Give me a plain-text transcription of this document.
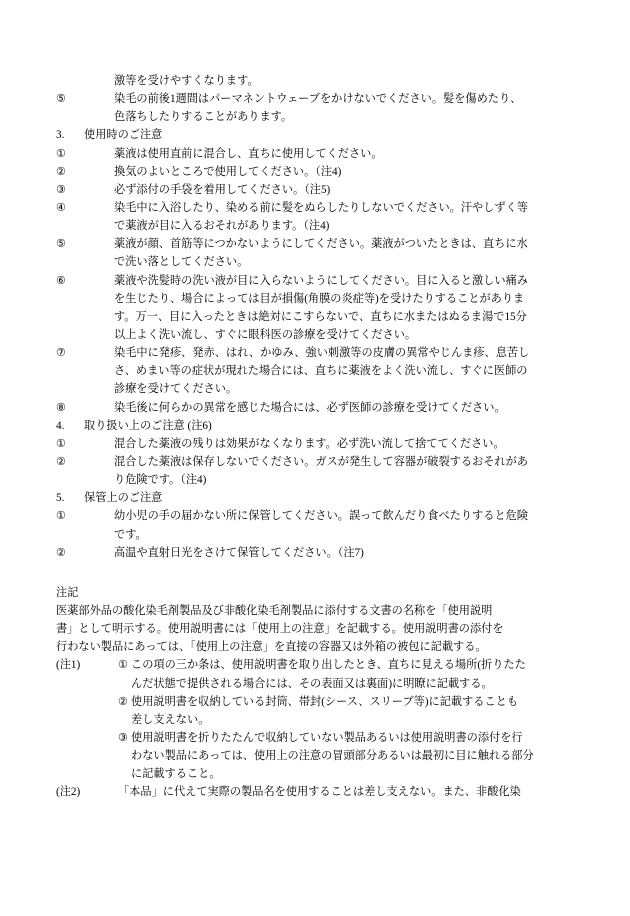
激等を受けやすくなります。
⑤	染毛の前後1週間はパーマネントウェーブをかけないでください。髪を傷めたり、
色落ちしたりすることがあります。
3.	使用時のご注意
①	薬液は使用直前に混合し、直ちに使用してください。
②	換気のよいところで使用してください。（注4)
③	必ず添付の手袋を着用してください。（注5)
④	染毛中に入浴したり、染める前に髪をぬらしたりしないでください。汗やしずく等
で薬液が目に入るおそれがあります。（注4)
⑤	薬液が顔、首筋等につかないようにしてください。薬液がついたときは、直ちに水
で洗い落としてください。
⑥	薬液や洗髪時の洗い液が目に入らないようにしてください。目に入ると激しい痛み
を生じたり、場合によっては目が損傷(角膜の炎症等)を受けたりすることがありま
す。万一、目に入ったときは絶対にこすらないで、直ちに水またはぬるま湯で15分
以上よく洗い流し、すぐに眼科医の診療を受けてください。
⑦	染毛中に発疹、発赤、はれ、かゆみ、強い刺激等の皮膚の異常やじんま疹、息苦し
さ、めまい等の症状が現れた場合には、直ちに薬液をよく洗い流し、すぐに医師の
診療を受けてください。
⑧	染毛後に何らかの異常を感じた場合には、必ず医師の診療を受けてください。
4.	取り扱い上のご注意 (注6)
①	混合した薬液の残りは効果がなくなります。必ず洗い流して捨ててください。
②	混合した薬液は保存しないでください。ガスが発生して容器が破裂するおそれがあ
り危険です。（注4)
5.	保管上のご注意
①	幼小児の手の届かない所に保管してください。誤って飲んだり食べたりすると危険
です。
②	高温や直射日光をさけて保管してください。（注7)
注記
医薬部外品の酸化染毛剤製品及び非酸化染毛剤製品に添付する文書の名称を「使用説明
書」として明示する。使用説明書には「使用上の注意」を記載する。使用説明書の添付を
行わない製品にあっては、「使用上の注意」を直接の容器又は外箱の被包に記載する。
(注1)	① この項の三か条は、使用説明書を取り出したとき、直ちに見える場所(折りたた
んだ状態で提供される場合には、その表面又は裏面)に明瞭に記載する。
② 使用説明書を収納している封筒、帯封(シース、スリーブ等)に記載することも
差し支えない。
③ 使用説明書を折りたたんで収納していない製品あるいは使用説明書の添付を行
わない製品にあっては、使用上の注意の冒頭部分あるいは最初に目に触れる部分
に記載すること。
(注2)	「本品」に代えて実際の製品名を使用することは差し支えない。また、非酸化染
